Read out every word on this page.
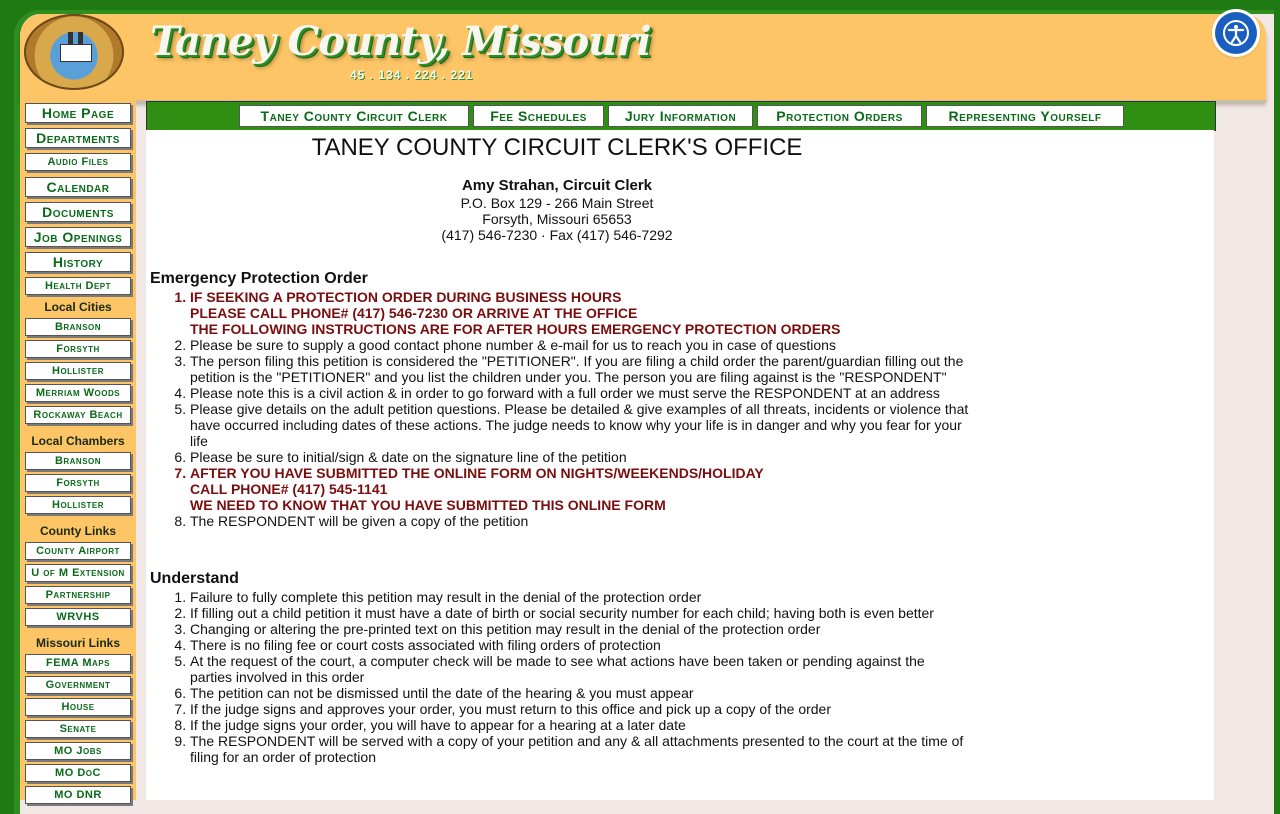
Taney County, Missouri
45 . 134 . 224 . 221
Home Page
Departments
Audio Files
Calendar
Documents
Job Openings
History
Health Dept
Local Cities
Branson
Forsyth
Hollister
Merriam Woods
Rockaway Beach
Local Chambers
Branson
Forsyth
Hollister
County Links
County Airport
U of M Extension
Partnership
WRVHS
Missouri Links
FEMA Maps
Government
House
Senate
MO Jobs
MO DoC
MO DNR
Taney County Circuit Clerk	Fee Schedules	Jury Information	Protection Orders	Representing Yourself
TANEY COUNTY CIRCUIT CLERK'S OFFICE
Amy Strahan, Circuit Clerk
P.O. Box 129 - 266 Main Street
Forsyth, Missouri 65653
(417) 546-7230 · Fax (417) 546-7292
Emergency Protection Order
1. IF SEEKING A PROTECTION ORDER DURING BUSINESS HOURS
PLEASE CALL PHONE# (417) 546-7230 OR ARRIVE AT THE OFFICE
THE FOLLOWING INSTRUCTIONS ARE FOR AFTER HOURS EMERGENCY PROTECTION ORDERS
2. Please be sure to supply a good contact phone number & e-mail for us to reach you in case of questions
3. The person filing this petition is considered the "PETITIONER". If you are filing a child order the parent/guardian filling out the petition is the "PETITIONER" and you list the children under you. The person you are filing against is the "RESPONDENT"
4. Please note this is a civil action & in order to go forward with a full order we must serve the RESPONDENT at an address
5. Please give details on the adult petition questions. Please be detailed & give examples of all threats, incidents or violence that have occurred including dates of these actions. The judge needs to know why your life is in danger and why you fear for your life
6. Please be sure to initial/sign & date on the signature line of the petition
7. AFTER YOU HAVE SUBMITTED THE ONLINE FORM ON NIGHTS/WEEKENDS/HOLIDAY
CALL PHONE# (417) 545-1141
WE NEED TO KNOW THAT YOU HAVE SUBMITTED THIS ONLINE FORM
8. The RESPONDENT will be given a copy of the petition
Understand
1. Failure to fully complete this petition may result in the denial of the protection order
2. If filling out a child petition it must have a date of birth or social security number for each child; having both is even better
3. Changing or altering the pre-printed text on this petition may result in the denial of the protection order
4. There is no filing fee or court costs associated with filing orders of protection
5. At the request of the court, a computer check will be made to see what actions have been taken or pending against the parties involved in this order
6. The petition can not be dismissed until the date of the hearing & you must appear
7. If the judge signs and approves your order, you must return to this office and pick up a copy of the order
8. If the judge signs your order, you will have to appear for a hearing at a later date
9. The RESPONDENT will be served with a copy of your petition and any & all attachments presented to the court at the time of filing for an order of protection
